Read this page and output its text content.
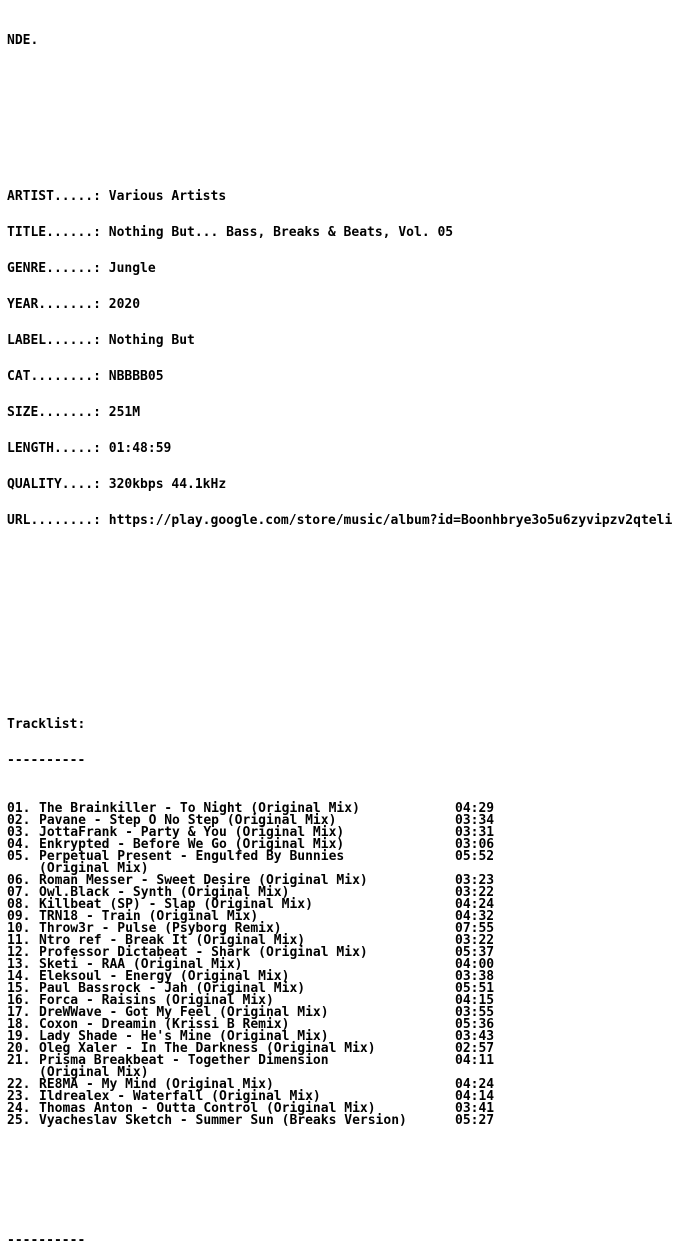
NDE.

ARTIST.....: Various Artists

TITLE......: Nothing But... Bass, Breaks & Beats, Vol. 05

GENRE......: Jungle

YEAR.......: 2020

LABEL......: Nothing But

CAT........: NBBBB05

SIZE.......: 251M

LENGTH.....: 01:48:59

QUALITY....: 320kbps 44.1kHz

URL........: https://play.google.com/store/music/album?id=Boonhbrye3o5u6zyvipzv2qteli

Tracklist:

----------

01. The Brainkiller - To Night (Original Mix)	04:29
02. Pavane - Step O No Step (Original Mix)	03:34
03. JottaFrank - Party & You (Original Mix)	03:31
04. Enkrypted - Before We Go (Original Mix)	03:06
05. Perpetual Present - Engulfed By Bunnies	05:52
(Original Mix)
06. Roman Messer - Sweet Desire (Original Mix)	03:23
07. Owl.Black - Synth (Original Mix)	03:22
08. Killbeat (SP) - Slap (Original Mix)	04:24
09. TRN18 - Train (Original Mix)	04:32
10. Throw3r - Pulse (Psyborg Remix)	07:55
11. Ntro ref - Break It (Original Mix)	03:22
12. Professor Dictabeat - Shark (Original Mix)	05:37
13. Sketi - RAA (Original Mix)	04:00
14. Eleksoul - Energy (Original Mix)	03:38
15. Paul Bassrock - Jah (Original Mix)	05:51
16. Forca - Raisins (Original Mix)	04:15
17. DreWWave - Got My Feel (Original Mix)	03:55
18. Coxon - Dreamin (Krissi B Remix)	05:36
19. Lady Shade - He's Mine (Original Mix)	03:43
20. Oleg Xaler - In The Darkness (Original Mix)	02:57
21. Prisma Breakbeat - Together Dimension	04:11
(Original Mix)
22. RE8MA - My Mind (Original Mix)	04:24
23. Ildrealex - Waterfall (Original Mix)	04:14
24. Thomas Anton - Outta Control (Original Mix)	03:41
25. Vyacheslav Sketch - Summer Sun (Breaks Version)	05:27

----------
